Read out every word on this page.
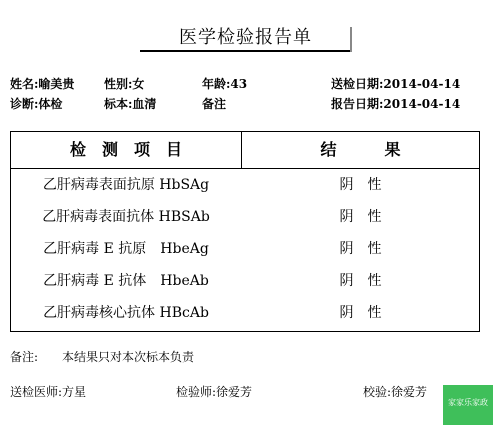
医学检验报告单
姓名:喻美贵 性别:女	年龄:43	送检日期:2014-04-14
诊断:体检	标本:血清	备注	报告日期:2014-04-14
检　测　项　目	结　　　果
乙肝病毒表面抗原 HbSAg	阴　性
乙肝病毒表面抗体 HBSAb	阴　性
乙肝病毒 E 抗原　HbeAg	阴　性
乙肝病毒 E 抗体　HbeAb	阴　性
乙肝病毒核心抗体 HBcAb	阴　性
备注: 本结果只对本次标本负责
送检医师:方星	检验师:徐爱芳	校验:徐爱芳
家家乐家政
